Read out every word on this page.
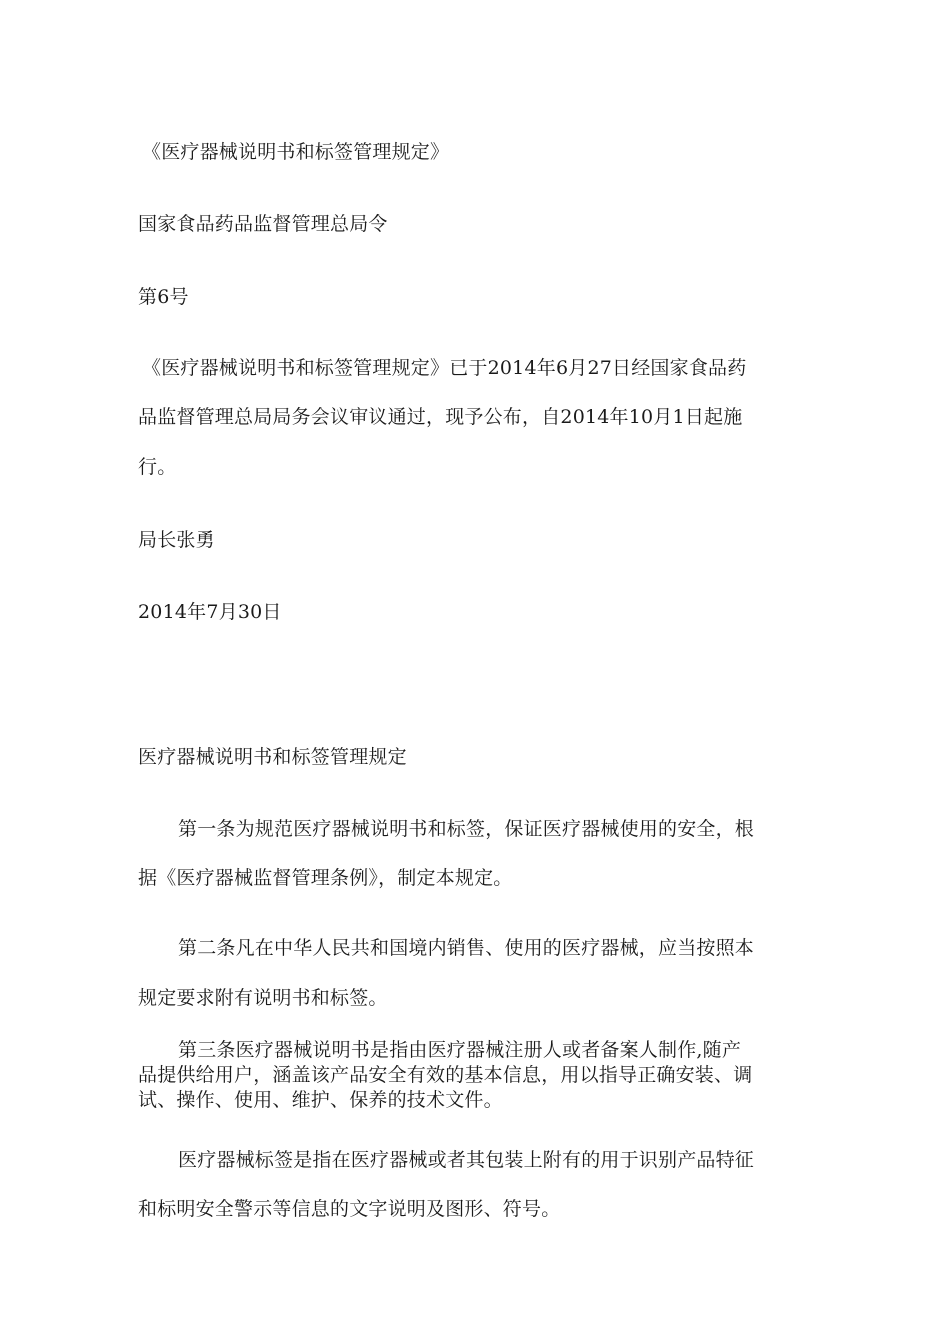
《医疗器械说明书和标签管理规定》
国家食品药品监督管理总局令
第6号
《医疗器械说明书和标签管理规定》已于2014年6月27日经国家食品药
品监督管理总局局务会议审议通过，现予公布，自2014年10月1日起施
行。
局长张勇
2014年7月30日
医疗器械说明书和标签管理规定
第一条为规范医疗器械说明书和标签，保证医疗器械使用的安全，根
据《医疗器械监督管理条例》，制定本规定。
第二条凡在中华人民共和国境内销售、使用的医疗器械，应当按照本
规定要求附有说明书和标签。
第三条医疗器械说明书是指由医疗器械注册人或者备案人制作,随产
品提供给用户，涵盖该产品安全有效的基本信息，用以指导正确安装、调
试、操作、使用、维护、保养的技术文件。
医疗器械标签是指在医疗器械或者其包装上附有的用于识别产品特征
和标明安全警示等信息的文字说明及图形、符号。
